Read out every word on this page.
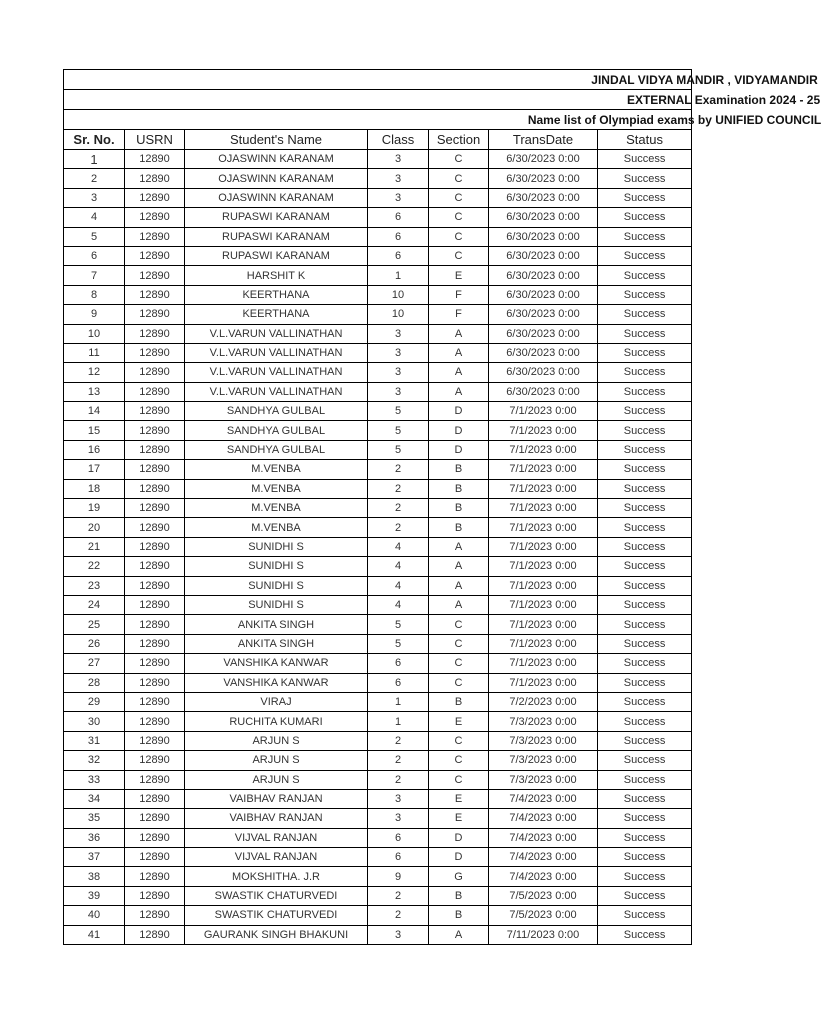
JINDAL VIDYA MANDIR , VIDYAMANDIR						
EXTERNAL Examination 2024 - 25						
Name list of Olympiad exams by UNIFIED COUNCIL						
Sr. No.	USRN	Student's Name	Class	Section	TransDate	Status
1	12890	OJASWINN KARANAM	3	C	6/30/2023 0:00	Success
2	12890	OJASWINN KARANAM	3	C	6/30/2023 0:00	Success
3	12890	OJASWINN KARANAM	3	C	6/30/2023 0:00	Success
4	12890	RUPASWI KARANAM	6	C	6/30/2023 0:00	Success
5	12890	RUPASWI KARANAM	6	C	6/30/2023 0:00	Success
6	12890	RUPASWI KARANAM	6	C	6/30/2023 0:00	Success
7	12890	HARSHIT K	1	E	6/30/2023 0:00	Success
8	12890	KEERTHANA	10	F	6/30/2023 0:00	Success
9	12890	KEERTHANA	10	F	6/30/2023 0:00	Success
10	12890	V.L.VARUN VALLINATHAN	3	A	6/30/2023 0:00	Success
11	12890	V.L.VARUN VALLINATHAN	3	A	6/30/2023 0:00	Success
12	12890	V.L.VARUN VALLINATHAN	3	A	6/30/2023 0:00	Success
13	12890	V.L.VARUN VALLINATHAN	3	A	6/30/2023 0:00	Success
14	12890	SANDHYA GULBAL	5	D	7/1/2023 0:00	Success
15	12890	SANDHYA GULBAL	5	D	7/1/2023 0:00	Success
16	12890	SANDHYA GULBAL	5	D	7/1/2023 0:00	Success
17	12890	M.VENBA	2	B	7/1/2023 0:00	Success
18	12890	M.VENBA	2	B	7/1/2023 0:00	Success
19	12890	M.VENBA	2	B	7/1/2023 0:00	Success
20	12890	M.VENBA	2	B	7/1/2023 0:00	Success
21	12890	SUNIDHI S	4	A	7/1/2023 0:00	Success
22	12890	SUNIDHI S	4	A	7/1/2023 0:00	Success
23	12890	SUNIDHI S	4	A	7/1/2023 0:00	Success
24	12890	SUNIDHI S	4	A	7/1/2023 0:00	Success
25	12890	ANKITA SINGH	5	C	7/1/2023 0:00	Success
26	12890	ANKITA SINGH	5	C	7/1/2023 0:00	Success
27	12890	VANSHIKA KANWAR	6	C	7/1/2023 0:00	Success
28	12890	VANSHIKA KANWAR	6	C	7/1/2023 0:00	Success
29	12890	VIRAJ	1	B	7/2/2023 0:00	Success
30	12890	RUCHITA KUMARI	1	E	7/3/2023 0:00	Success
31	12890	ARJUN S	2	C	7/3/2023 0:00	Success
32	12890	ARJUN S	2	C	7/3/2023 0:00	Success
33	12890	ARJUN S	2	C	7/3/2023 0:00	Success
34	12890	VAIBHAV RANJAN	3	E	7/4/2023 0:00	Success
35	12890	VAIBHAV RANJAN	3	E	7/4/2023 0:00	Success
36	12890	VIJVAL RANJAN	6	D	7/4/2023 0:00	Success
37	12890	VIJVAL RANJAN	6	D	7/4/2023 0:00	Success
38	12890	MOKSHITHA. J.R	9	G	7/4/2023 0:00	Success
39	12890	SWASTIK CHATURVEDI	2	B	7/5/2023 0:00	Success
40	12890	SWASTIK CHATURVEDI	2	B	7/5/2023 0:00	Success
41	12890	GAURANK SINGH BHAKUNI	3	A	7/11/2023 0:00	Success
